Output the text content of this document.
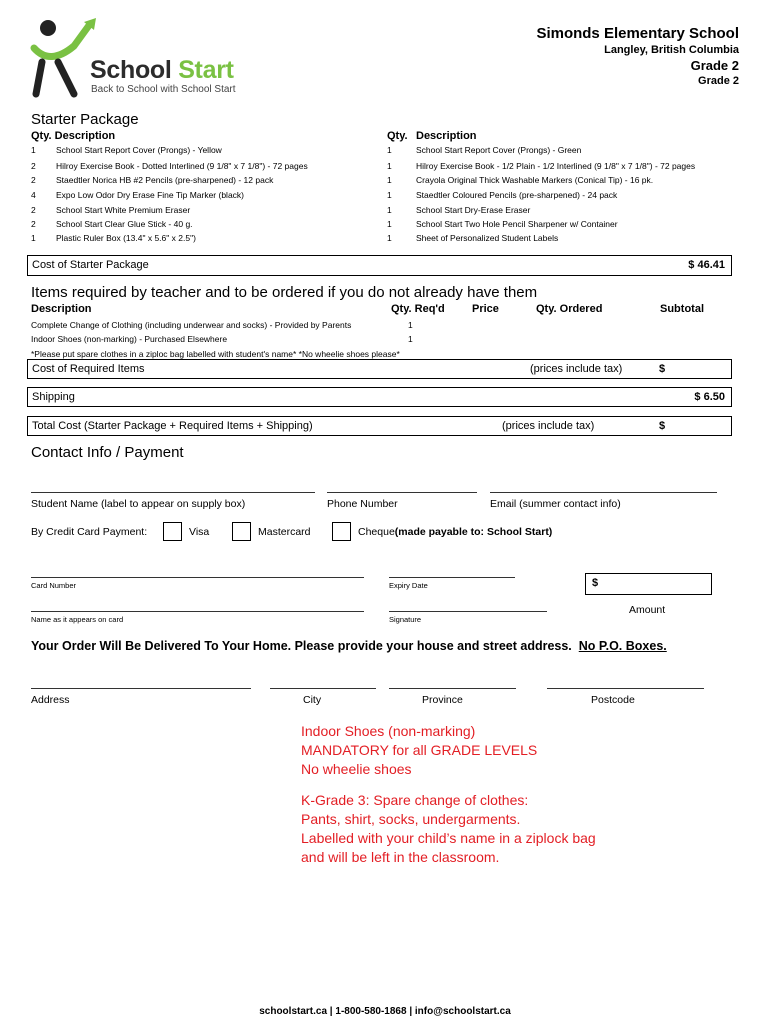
School Start
Back to School with School Start
Simonds Elementary School
Langley, British Columbia
Grade 2
Grade 2
Starter Package
Qty. Description	Qty. Description
1 School Start Report Cover (Prongs) - Yellow
2 Hilroy Exercise Book - Dotted Interlined (9 1/8" x 7 1/8") - 72 pages
2 Staedtler Norica HB #2 Pencils (pre-sharpened) - 12 pack
4 Expo Low Odor Dry Erase Fine Tip Marker (black)
2 School Start White Premium Eraser
2 School Start Clear Glue Stick - 40 g.
1 Plastic Ruler Box (13.4" x 5.6" x 2.5")
1	School Start Report Cover (Prongs) - Green
1	Hilroy Exercise Book - 1/2 Plain - 1/2 Interlined (9 1/8" x 7 1/8") - 72 pages
1	Crayola Original Thick Washable Markers (Conical Tip) - 16 pk.
1	Staedtler Coloured Pencils (pre-sharpened) - 24 pack
1	School Start Dry-Erase Eraser
1	School Start Two Hole Pencil Sharpener w/ Container
1	Sheet of Personalized Student Labels
Cost of Starter Package	$ 46.41
Items required by teacher and to be ordered if you do not already have them
Description	Qty. Req'd Price	Qty. Ordered	Subtotal
Complete Change of Clothing (including underwear and socks) - Provided by Parents	1
Indoor Shoes (non-marking) - Purchased Elsewhere	1
*Please put spare clothes in a ziploc bag labelled with student's name* *No wheelie shoes please*
Cost of Required Items	(prices include tax)	$
Shipping	$ 6.50
Total Cost (Starter Package + Required Items + Shipping)	(prices include tax)	$
Contact Info / Payment
Student Name (label to appear on supply box)	Phone Number	Email (summer contact info)
By Credit Card Payment:	Visa	Mastercard	Cheque(made payable to: School Start)
Card Number	Expiry Date	$
Amount
Name as it appears on card	Signature
Your Order Will Be Delivered To Your Home. Please provide your house and street address. No P.O. Boxes.
Address	City	Province	Postcode
Indoor Shoes (non-marking)
MANDATORY for all GRADE LEVELS
No wheelie shoes
K-Grade 3: Spare change of clothes:
Pants, shirt, socks, undergarments.
Labelled with your child’s name in a ziplock bag
and will be left in the classroom.
schoolstart.ca | 1-800-580-1868 | info@schoolstart.ca
